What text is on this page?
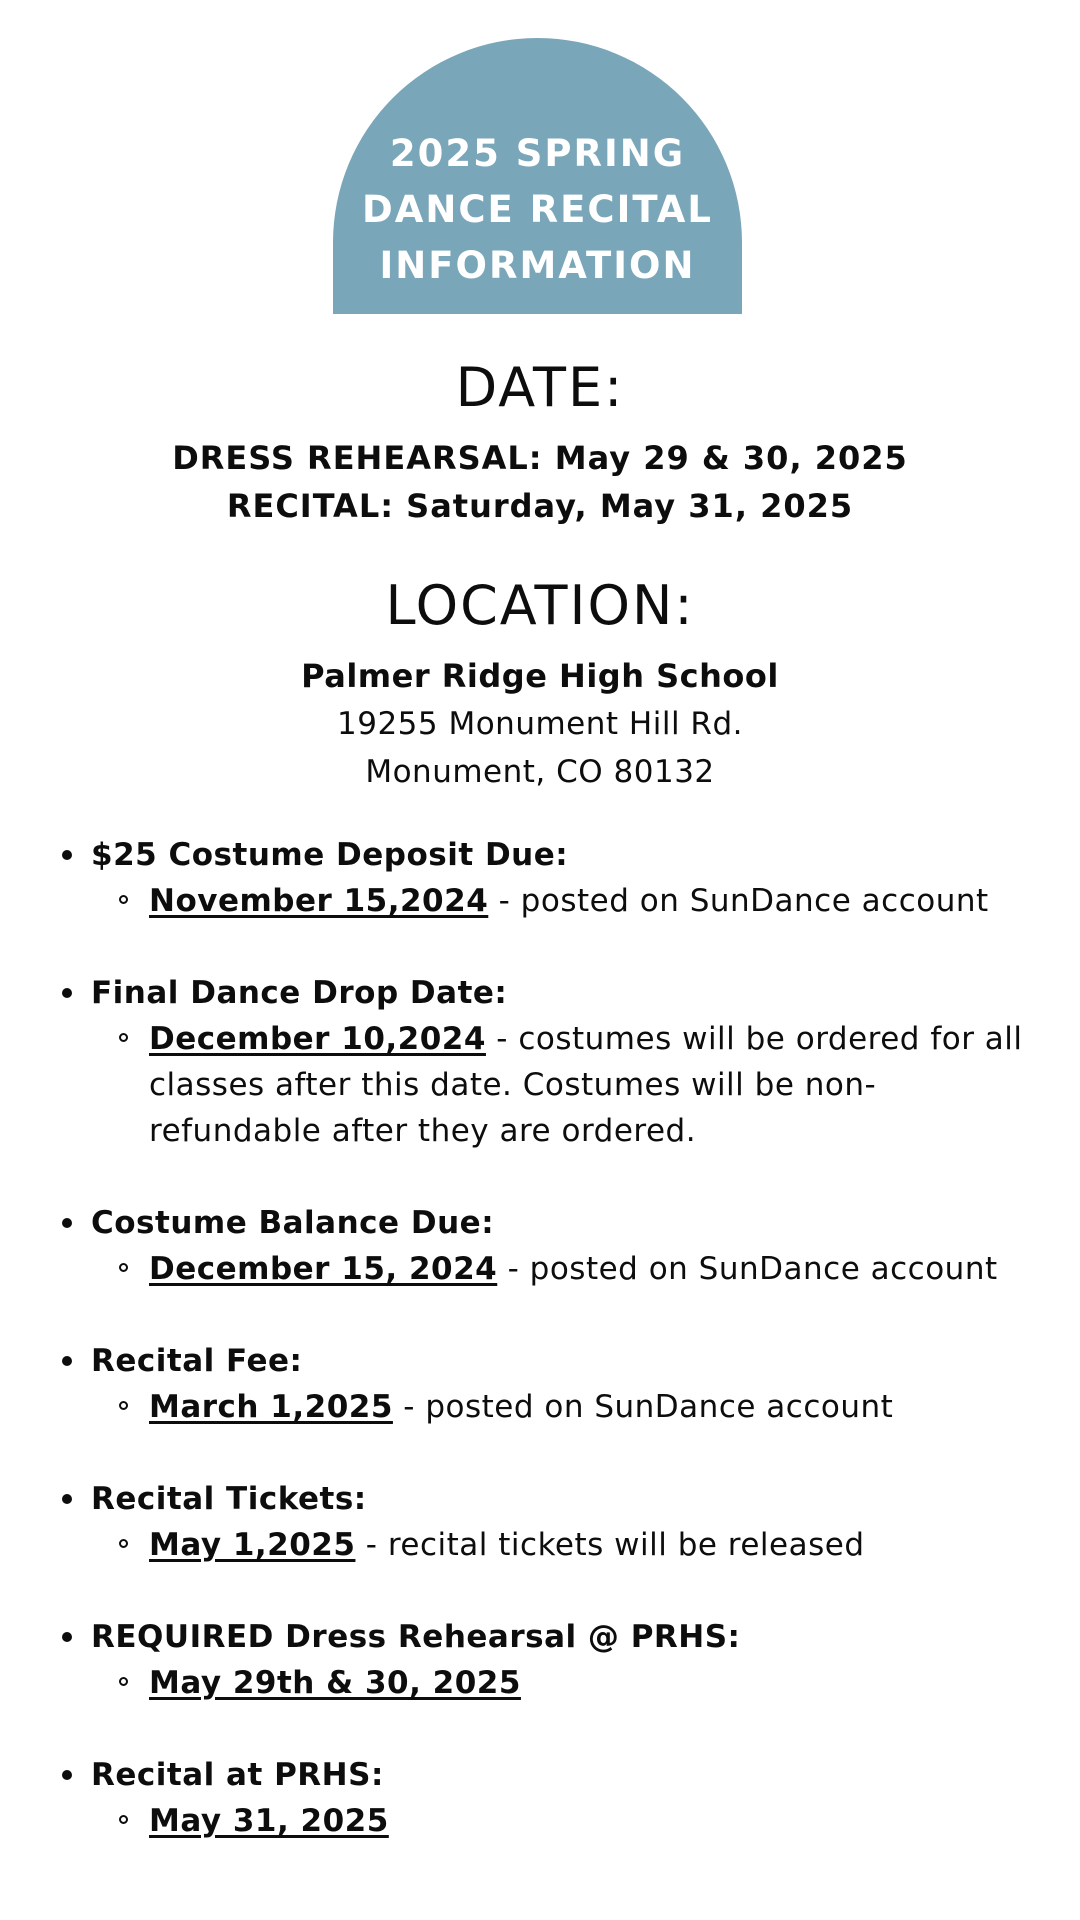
2025 SPRING
DANCE RECITAL
INFORMATION
DATE:
DRESS REHEARSAL: May 29 & 30, 2025
RECITAL: Saturday, May 31, 2025
LOCATION:
Palmer Ridge High School
19255 Monument Hill Rd.
Monument, CO 80132
$25 Costume Deposit Due:
November 15,2024 - posted on SunDance account
Final Dance Drop Date:
December 10,2024 - costumes will be ordered for all classes after this date. Costumes will be non-refundable after they are ordered.
Costume Balance Due:
December 15, 2024 - posted on SunDance account
Recital Fee:
March 1,2025 - posted on SunDance account
Recital Tickets:
May 1,2025 - recital tickets will be released
REQUIRED Dress Rehearsal @ PRHS:
May 29th & 30, 2025
Recital at PRHS:
May 31, 2025
